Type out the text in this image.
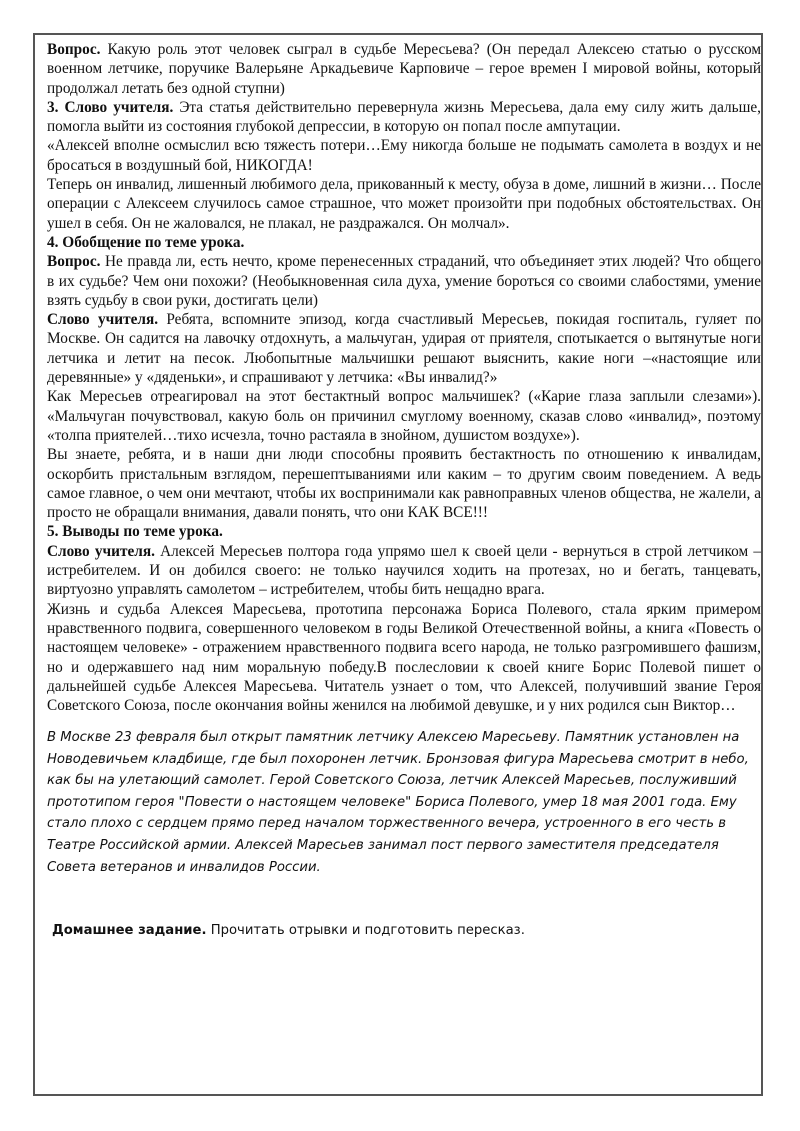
Вопрос. Какую роль этот человек сыграл в судьбе Мересьева? (Он передал Алексею статью о русском военном летчике, поручике Валерьяне Аркадьевиче Карповиче – герое времен I мировой войны, который продолжал летать без одной ступни)

3. Слово учителя. Эта статья действительно перевернула жизнь Мересьева, дала ему силу жить дальше, помогла выйти из состояния глубокой депрессии, в которую он попал после ампутации.

«Алексей вполне осмыслил всю тяжесть потери…Ему никогда больше не подымать самолета в воздух и не бросаться в воздушный бой, НИКОГДА!

Теперь он инвалид, лишенный любимого дела, прикованный к месту, обуза в доме, лишний в жизни… После операции с Алексеем случилось самое страшное, что может произойти при подобных обстоятельствах. Он ушел в себя. Он не жаловался, не плакал, не раздражался. Он молчал».

4. Обобщение по теме урока.

Вопрос. Не правда ли, есть нечто, кроме перенесенных страданий, что объединяет этих людей? Что общего в их судьбе? Чем они похожи? (Необыкновенная сила духа, умение бороться со своими слабостями, умение взять судьбу в свои руки, достигать цели)

Слово учителя. Ребята, вспомните эпизод, когда счастливый Мересьев, покидая госпиталь, гуляет по Москве. Он садится на лавочку отдохнуть, а мальчуган, удирая от приятеля, спотыкается о вытянутые ноги летчика и летит на песок. Любопытные мальчишки решают выяснить, какие ноги –«настоящие или деревянные» у «дяденьки», и спрашивают у летчика: «Вы инвалид?»

Как Мересьев отреагировал на этот бестактный вопрос мальчишек? («Карие глаза заплыли слезами»). «Мальчуган почувствовал, какую боль он причинил смуглому военному, сказав слово «инвалид», поэтому «толпа приятелей…тихо исчезла, точно растаяла в знойном, душистом воздухе»).

Вы знаете, ребята, и в наши дни люди способны проявить бестактность по отношению к инвалидам, оскорбить пристальным взглядом, перешептываниями или каким – то другим своим поведением. А ведь самое главное, о чем они мечтают, чтобы их воспринимали как равноправных членов общества, не жалели, а просто не обращали внимания, давали понять, что они КАК ВСЕ!!!

5. Выводы по теме урока.

Слово учителя. Алексей Мересьев полтора года упрямо шел к своей цели - вернуться в строй летчиком – истребителем. И он добился своего: не только научился ходить на протезах, но и бегать, танцевать, виртуозно управлять самолетом – истребителем, чтобы бить нещадно врага.

Жизнь и судьба Алексея Маресьева, прототипа персонажа Бориса Полевого, стала ярким примером нравственного подвига, совершенного человеком в годы Великой Отечественной войны, а книга «Повесть о настоящем человеке» - отражением нравственного подвига всего народа, не только разгромившего фашизм, но и одержавшего над ним моральную победу.В послесловии к своей книге Борис Полевой пишет о дальнейшей судьбе Алексея Маресьева. Читатель узнает о том, что Алексей, получивший звание Героя Советского Союза, после окончания войны женился на любимой девушке, и у них родился сын Виктор…

В Москве 23 февраля был открыт памятник летчику Алексею Маресьеву. Памятник установлен на Новодевичьем кладбище, где был похоронен летчик. Бронзовая фигура Маресьева смотрит в небо, как бы на улетающий самолет. Герой Советского Союза, летчик Алексей Маресьев, послуживший прототипом героя "Повести о настоящем человеке" Бориса Полевого, умер 18 мая 2001 года. Ему стало плохо с сердцем прямо перед началом торжественного вечера, устроенного в его честь в Театре Российской армии. Алексей Маресьев занимал пост первого заместителя председателя Совета ветеранов и инвалидов России.

Домашнее задание. Прочитать отрывки и подготовить пересказ.
